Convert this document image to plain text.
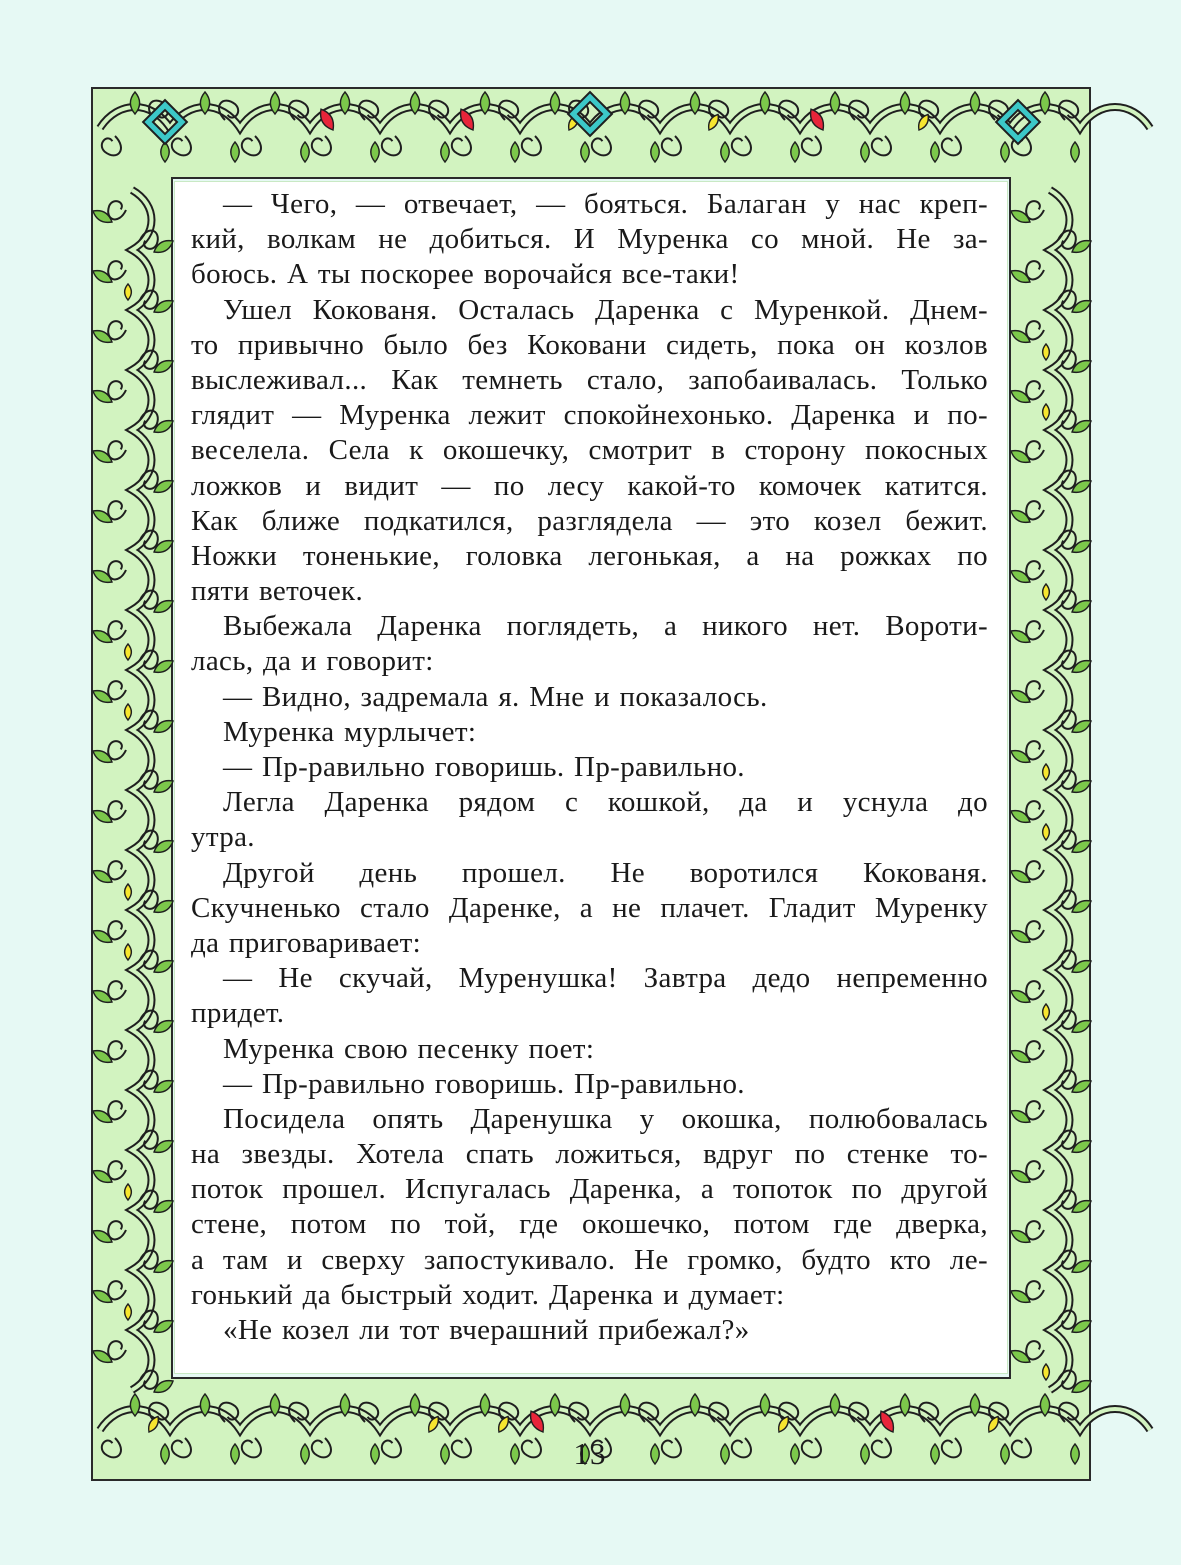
— Чего, — отвечает, — бояться. Балаган у нас креп-
кий, волкам не добиться. И Муренка со мной. Не за-
боюсь. А ты поскорее ворочайся все-таки!
Ушел Кокованя. Осталась Даренка с Муренкой. Днем-
то привычно было без Коковани сидеть, пока он козлов
выслеживал... Как темнеть стало, запобаивалась. Только
глядит — Муренка лежит спокойнехонько. Даренка и по-
веселела. Села к окошечку, смотрит в сторону покосных
ложков и видит — по лесу какой-то комочек катится.
Как ближе подкатился, разглядела — это козел бежит.
Ножки тоненькие, головка легонькая, а на рожках по
пяти веточек.
Выбежала Даренка поглядеть, а никого нет. Вороти-
лась, да и говорит:
— Видно, задремала я. Мне и показалось.
Муренка мурлычет:
— Пр-равильно говоришь. Пр-равильно.
Легла Даренка рядом с кошкой, да и уснула до
утра.
Другой день прошел. Не воротился Кокованя.
Скучненько стало Даренке, а не плачет. Гладит Муренку
да приговаривает:
— Не скучай, Муренушка! Завтра дедо непременно
придет.
Муренка свою песенку поет:
— Пр-равильно говоришь. Пр-равильно.
Посидела опять Даренушка у окошка, полюбовалась
на звезды. Хотела спать ложиться, вдруг по стенке то-
поток прошел. Испугалась Даренка, а топоток по другой
стене, потом по той, где окошечко, потом где дверка,
а там и сверху запостукивало. Не громко, будто кто ле-
гонький да быстрый ходит. Даренка и думает:
«Не козел ли тот вчерашний прибежал?»
13
